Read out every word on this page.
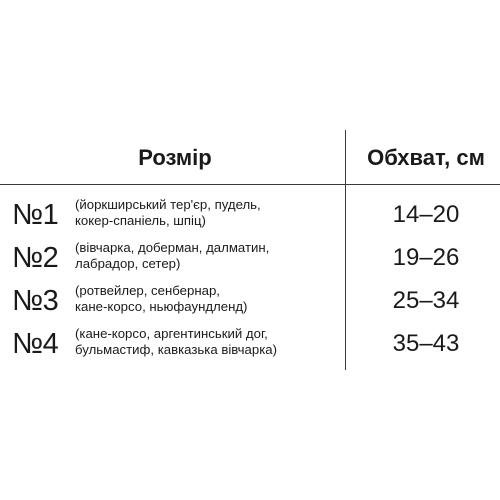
Розмір	Обхват, см
№1 (йоркширський тер'єр, пудель,
кокер-спаніель, шпіц)	14–20
№2 (вівчарка, доберман, далматин,
лабрадор, сетер)	19–26
№3 (ротвейлер, сенбернар,
кане-корсо, ньюфаундленд)	25–34
№4 (кане-корсо, аргентинський дог,
бульмастиф, кавказька вівчарка)	35–43
